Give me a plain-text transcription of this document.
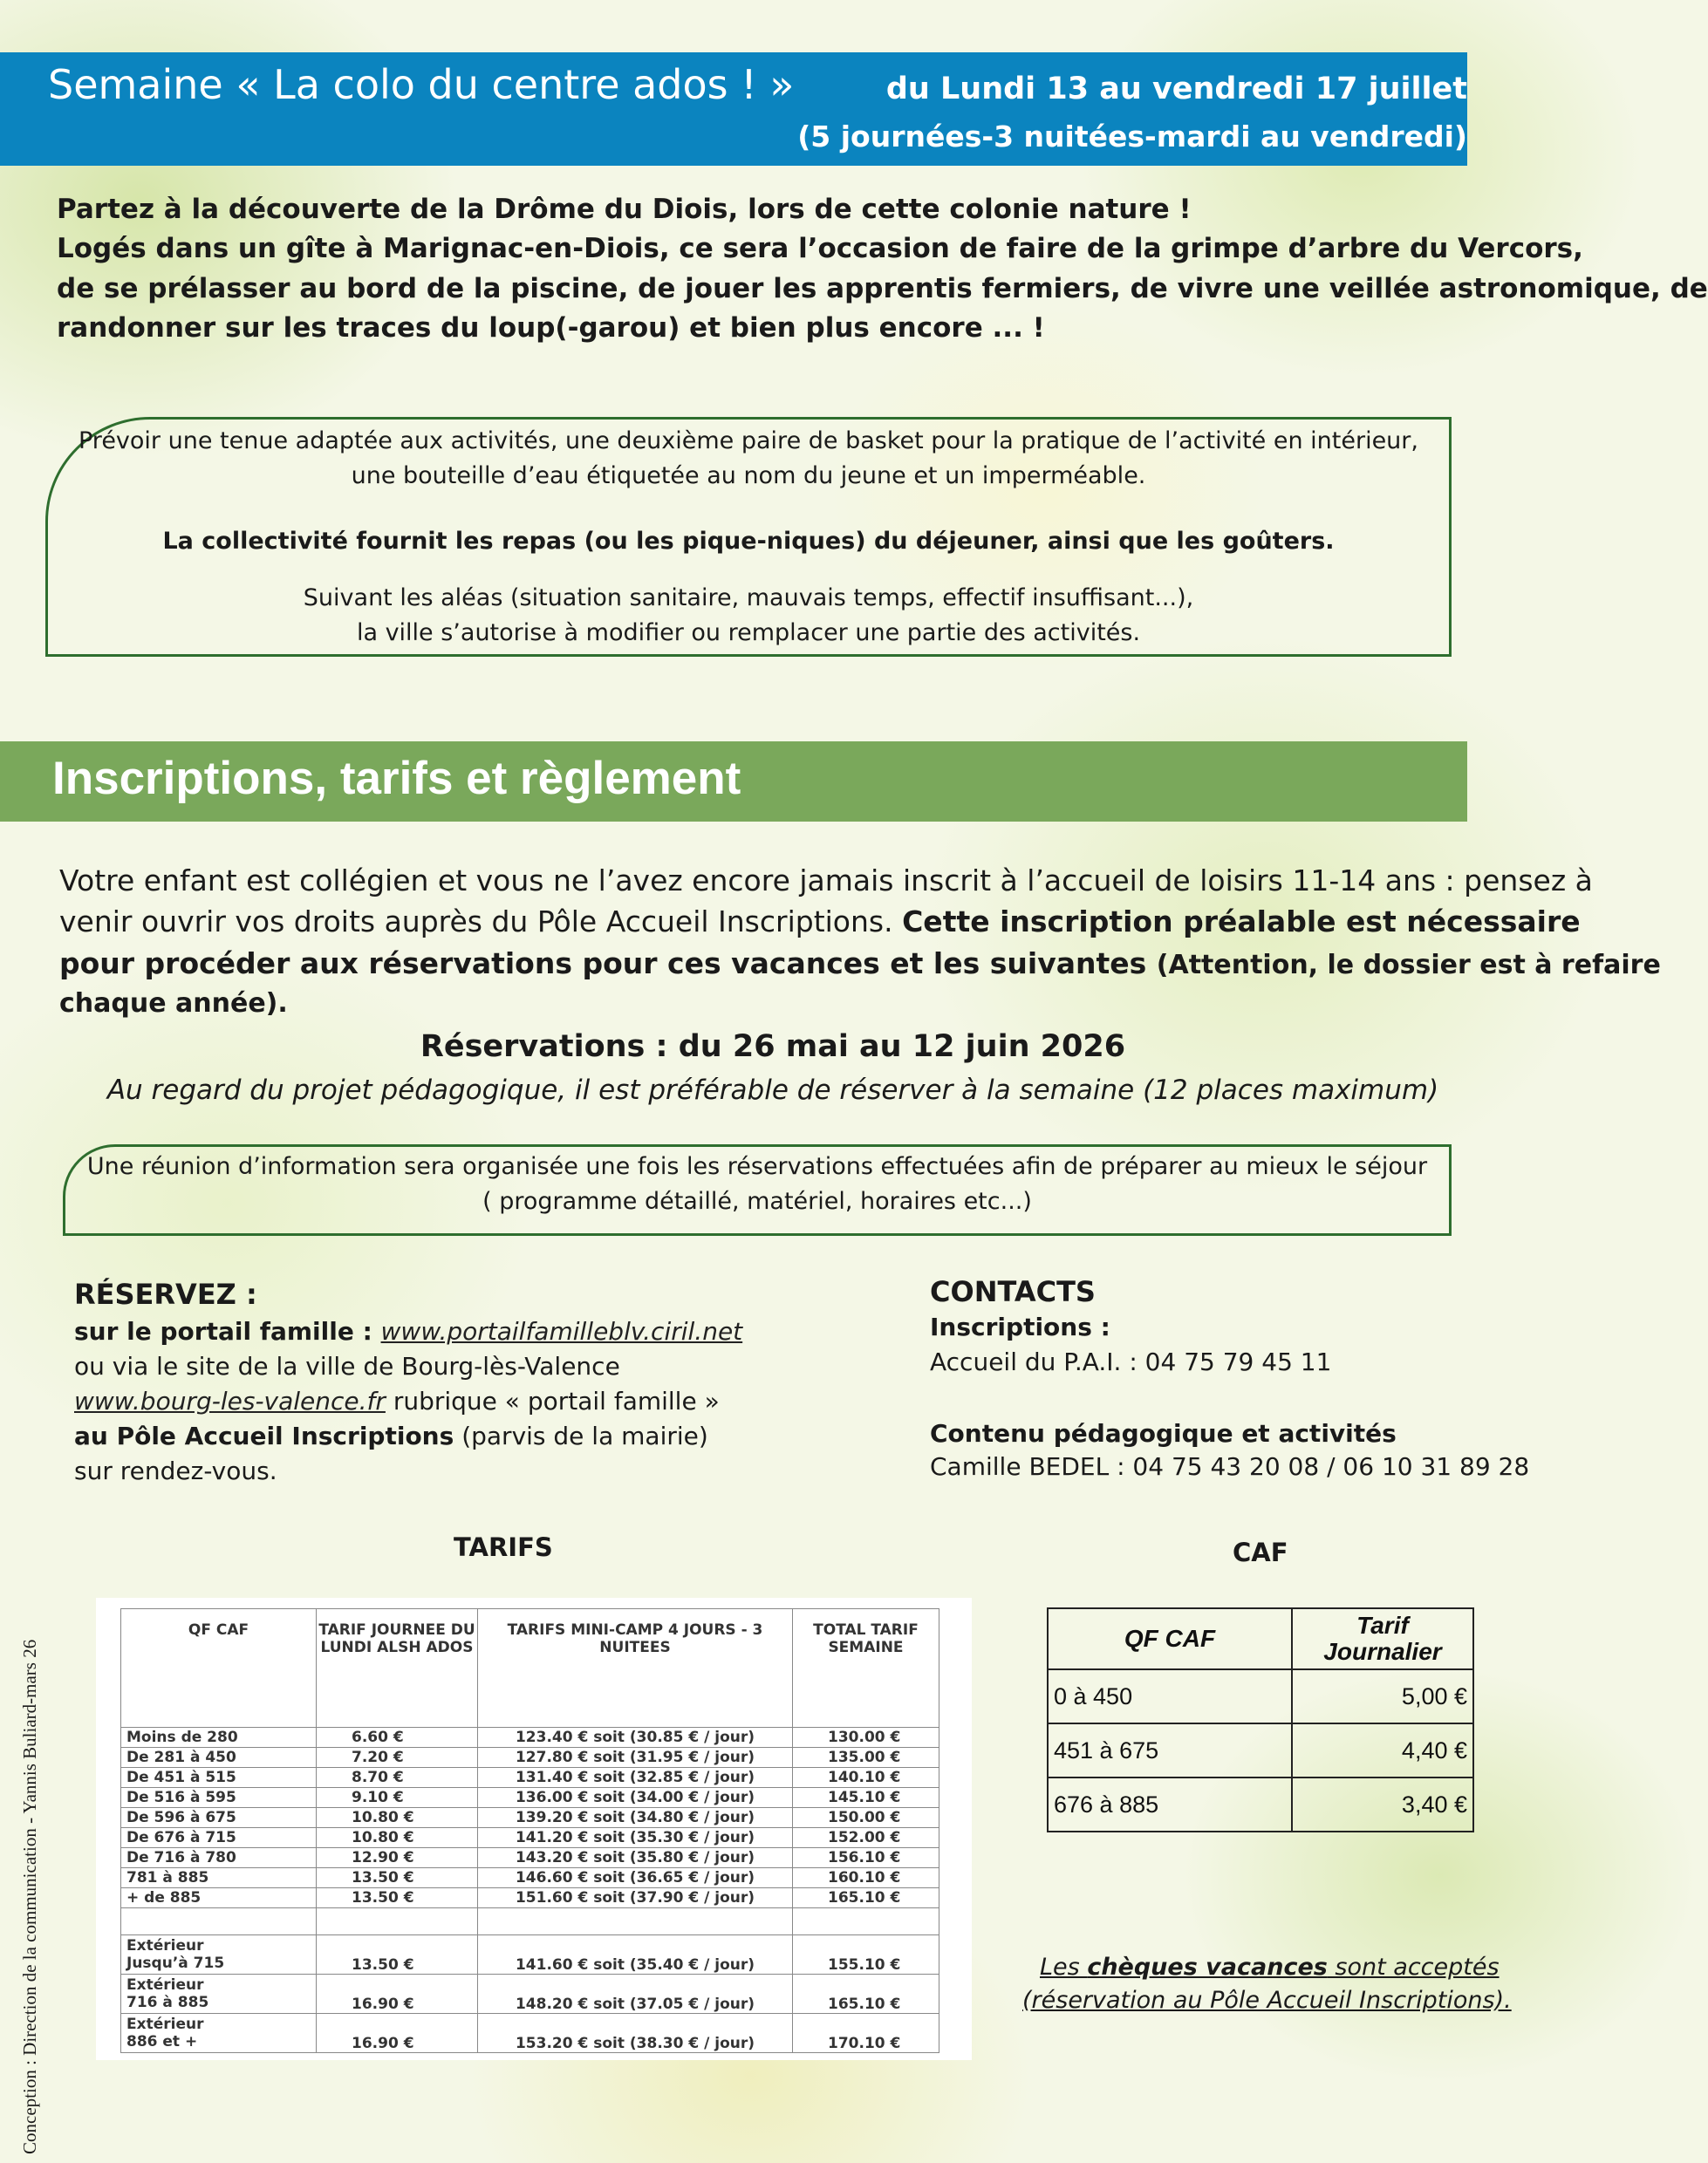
Semaine « La colo du centre ados ! »	du Lundi 13 au vendredi 17 juillet
(5 journées-3 nuitées-mardi au vendredi)
Partez à la découverte de la Drôme du Diois, lors de cette colonie nature !
Logés dans un gîte à Marignac-en-Diois, ce sera l’occasion de faire de la grimpe d’arbre du Vercors,
de se prélasser au bord de la piscine, de jouer les apprentis fermiers, de vivre une veillée astronomique, de
randonner sur les traces du loup(-garou) et bien plus encore ... !
Prévoir une tenue adaptée aux activités, une deuxième paire de basket pour la pratique de l’activité en intérieur,
une bouteille d’eau étiquetée au nom du jeune et un imperméable.
La collectivité fournit les repas (ou les pique-niques) du déjeuner, ainsi que les goûters.
Suivant les aléas (situation sanitaire, mauvais temps, effectif insuffisant...),
la ville s’autorise à modifier ou remplacer une partie des activités.
Inscriptions, tarifs et règlement
Votre enfant est collégien et vous ne l’avez encore jamais inscrit à l’accueil de loisirs 11-14 ans : pensez à
venir ouvrir vos droits auprès du Pôle Accueil Inscriptions. Cette inscription préalable est nécessaire
pour procéder aux réservations pour ces vacances et les suivantes (Attention, le dossier est à refaire
chaque année).
Réservations : du 26 mai au 12 juin 2026
Au regard du projet pédagogique, il est préférable de réserver à la semaine (12 places maximum)
Une réunion d’information sera organisée une fois les réservations effectuées afin de préparer au mieux le séjour
( programme détaillé, matériel, horaires etc...)
RÉSERVEZ :
sur le portail famille : www.portailfamilleblv.ciril.net
ou via le site de la ville de Bourg-lès-Valence
www.bourg-les-valence.fr rubrique « portail famille »
au Pôle Accueil Inscriptions (parvis de la mairie)
sur rendez-vous.
CONTACTS
Inscriptions :
Accueil du P.A.I. : 04 75 79 45 11
Contenu pédagogique et activités
Camille BEDEL : 04 75 43 20 08 / 06 10 31 89 28
TARIFS
QF CAF	TARIF JOURNEE DU LUNDI ALSH ADOS	TARIFS MINI-CAMP 4 JOURS - 3 NUITEES	TOTAL TARIF SEMAINE
Moins de 280	6.60 €	123.40 € soit (30.85 € / jour)	130.00 €
De 281 à 450	7.20 €	127.80 € soit (31.95 € / jour)	135.00 €
De 451 à 515	8.70 €	131.40 € soit (32.85 € / jour)	140.10 €
De 516 à 595	9.10 €	136.00 € soit (34.00 € / jour)	145.10 €
De 596 à 675	10.80 €	139.20 € soit (34.80 € / jour)	150.00 €
De 676 à 715	10.80 €	141.20 € soit (35.30 € / jour)	152.00 €
De 716 à 780	12.90 €	143.20 € soit (35.80 € / jour)	156.10 €
781 à 885	13.50 €	146.60 € soit (36.65 € / jour)	160.10 €
+ de 885	13.50 €	151.60 € soit (37.90 € / jour)	165.10 €

Extérieur
Jusqu’à 715	13.50 €	141.60 € soit (35.40 € / jour)	155.10 €

Extérieur
716 à 885	16.90 €	148.20 € soit (37.05 € / jour)	165.10 €

Extérieur
886 et +	16.90 €	153.20 € soit (38.30 € / jour)	170.10 €
CAF
QF CAF	Tarif
Journalier
0 à 450	5,00 €
451 à 675	4,40 €
676 à 885	3,40 €
Les chèques vacances sont acceptés
(réservation au Pôle Accueil Inscriptions).
Conception : Direction de la communication - Yannis Buliard-mars 26
